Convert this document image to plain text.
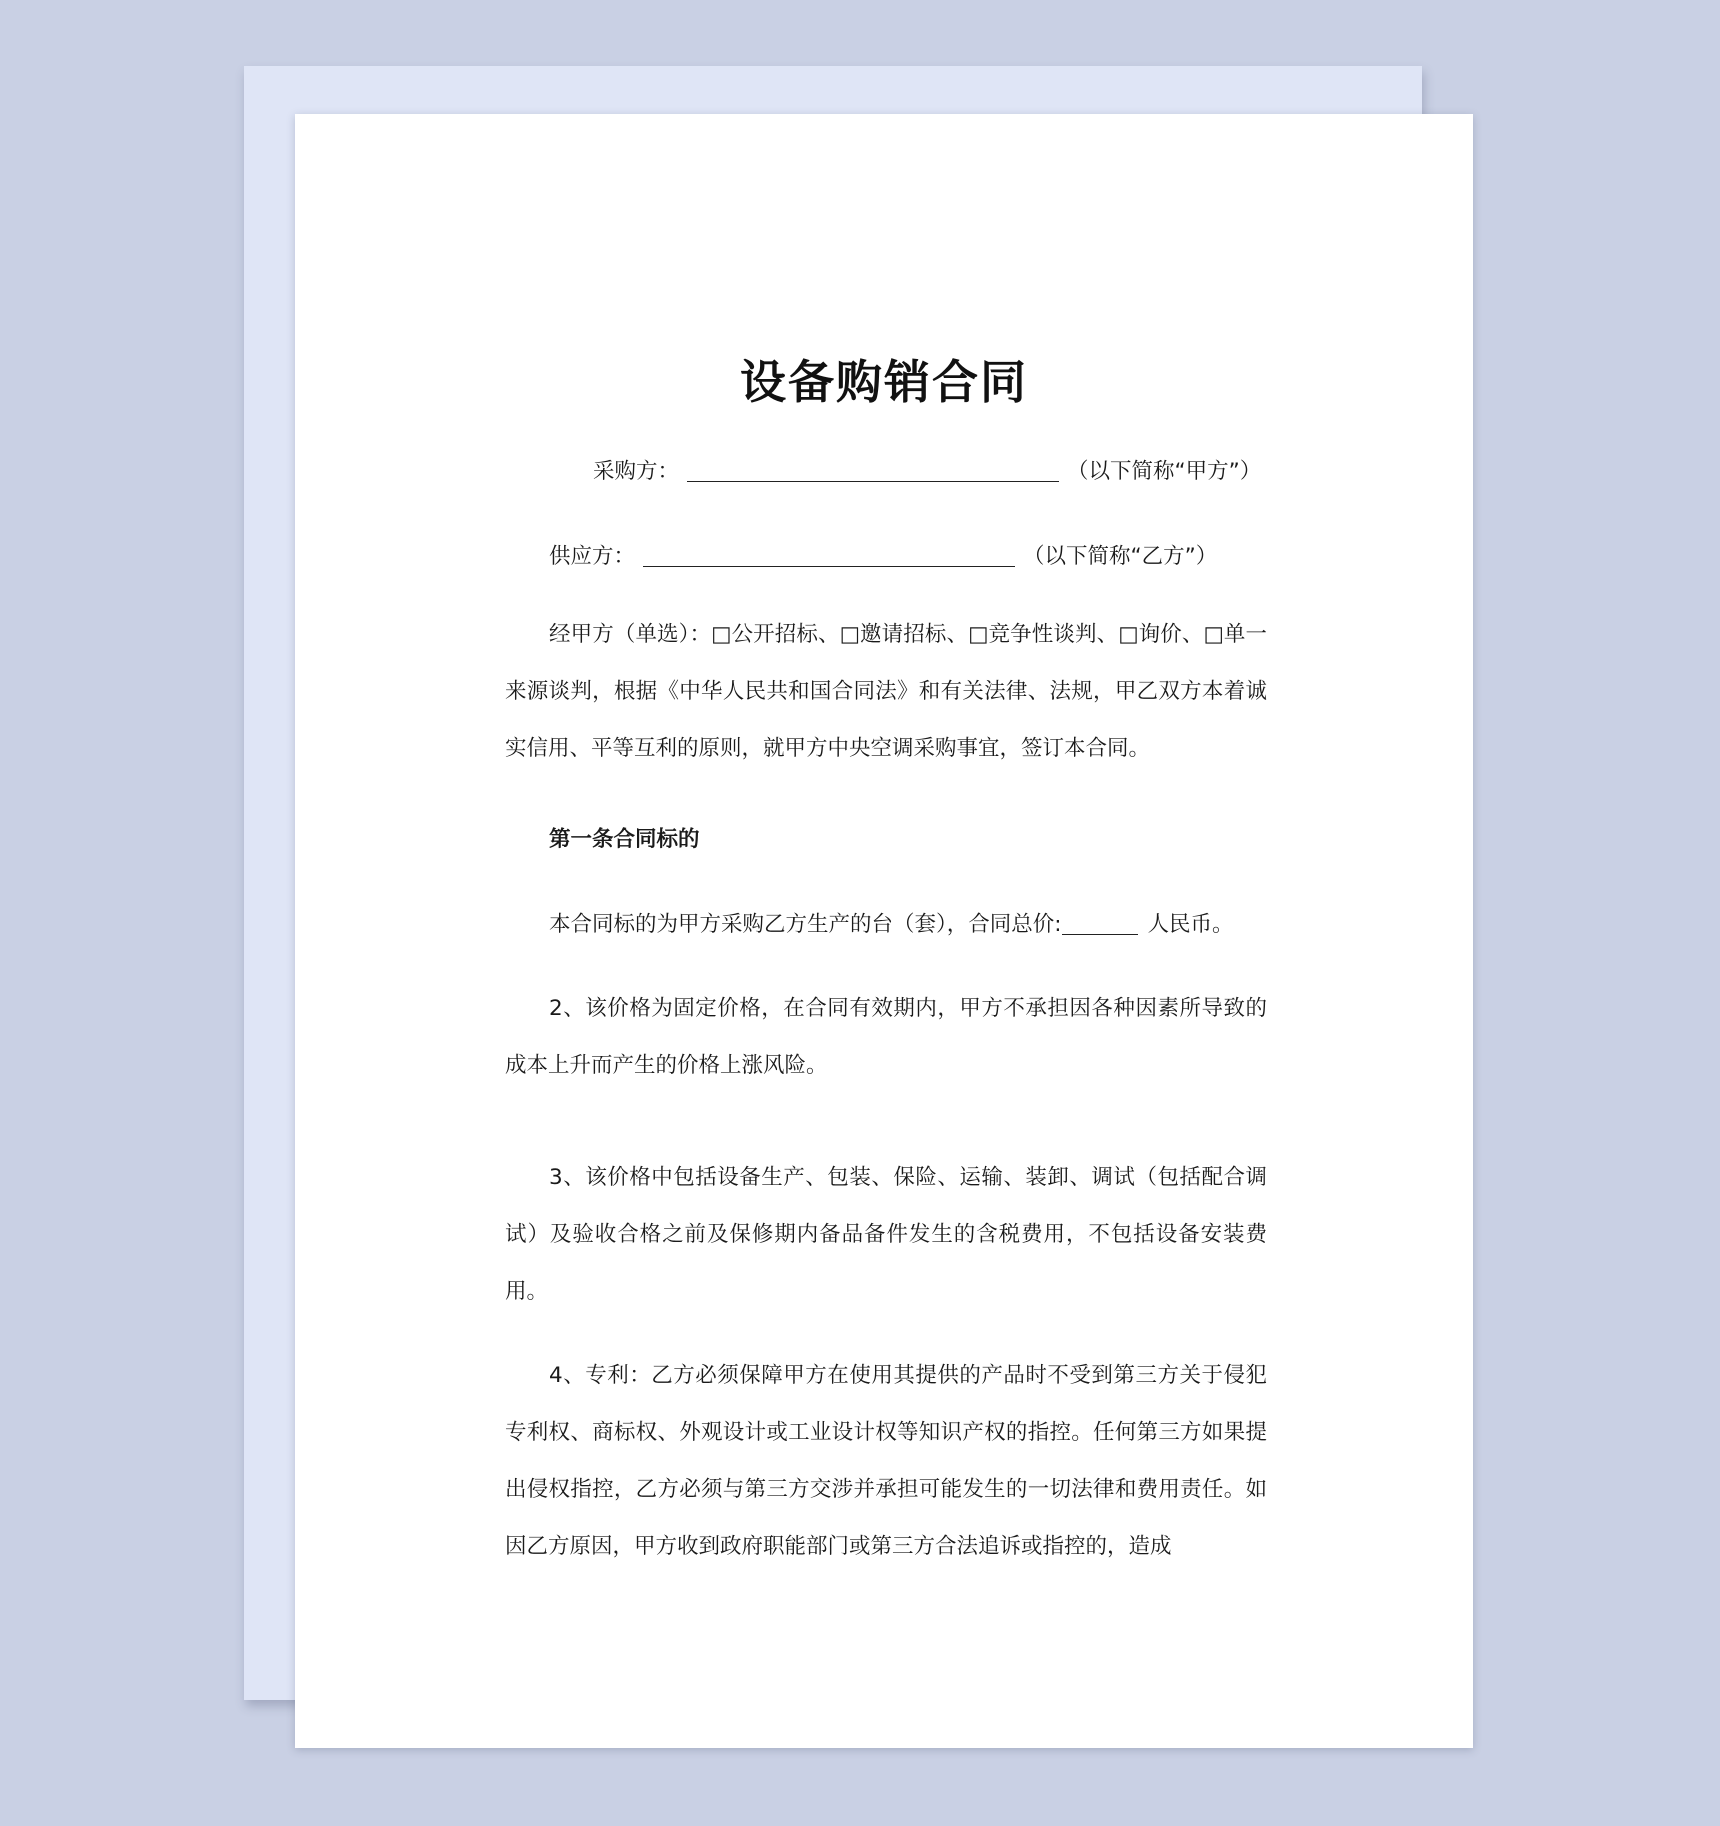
设备购销合同
采购方：	（以下简称“甲方”）
供应方：	（以下简称“乙方”）

经甲方（单选）：□公开招标、□邀请招标、□竞争性谈判、□询价、□单一来源谈判，根据《中华人民共和国合同法》和有关法律、法规，甲乙双方本着诚实信用、平等互利的原则，就甲方中央空调采购事宜，签订本合同。

第一条合同标的
本合同标的为甲方采购乙方生产的台（套），合同总价:	人民币。

2、该价格为固定价格，在合同有效期内，甲方不承担因各种因素所导致的成本上升而产生的价格上涨风险。

3、该价格中包括设备生产、包装、保险、运输、装卸、调试（包括配合调试）及验收合格之前及保修期内备品备件发生的含税费用，不包括设备安装费用。

4、专利：乙方必须保障甲方在使用其提供的产品时不受到第三方关于侵犯专利权、商标权、外观设计或工业设计权等知识产权的指控。任何第三方如果提出侵权指控，乙方必须与第三方交涉并承担可能发生的一切法律和费用责任。如因乙方原因，甲方收到政府职能部门或第三方合法追诉或指控的，造成
